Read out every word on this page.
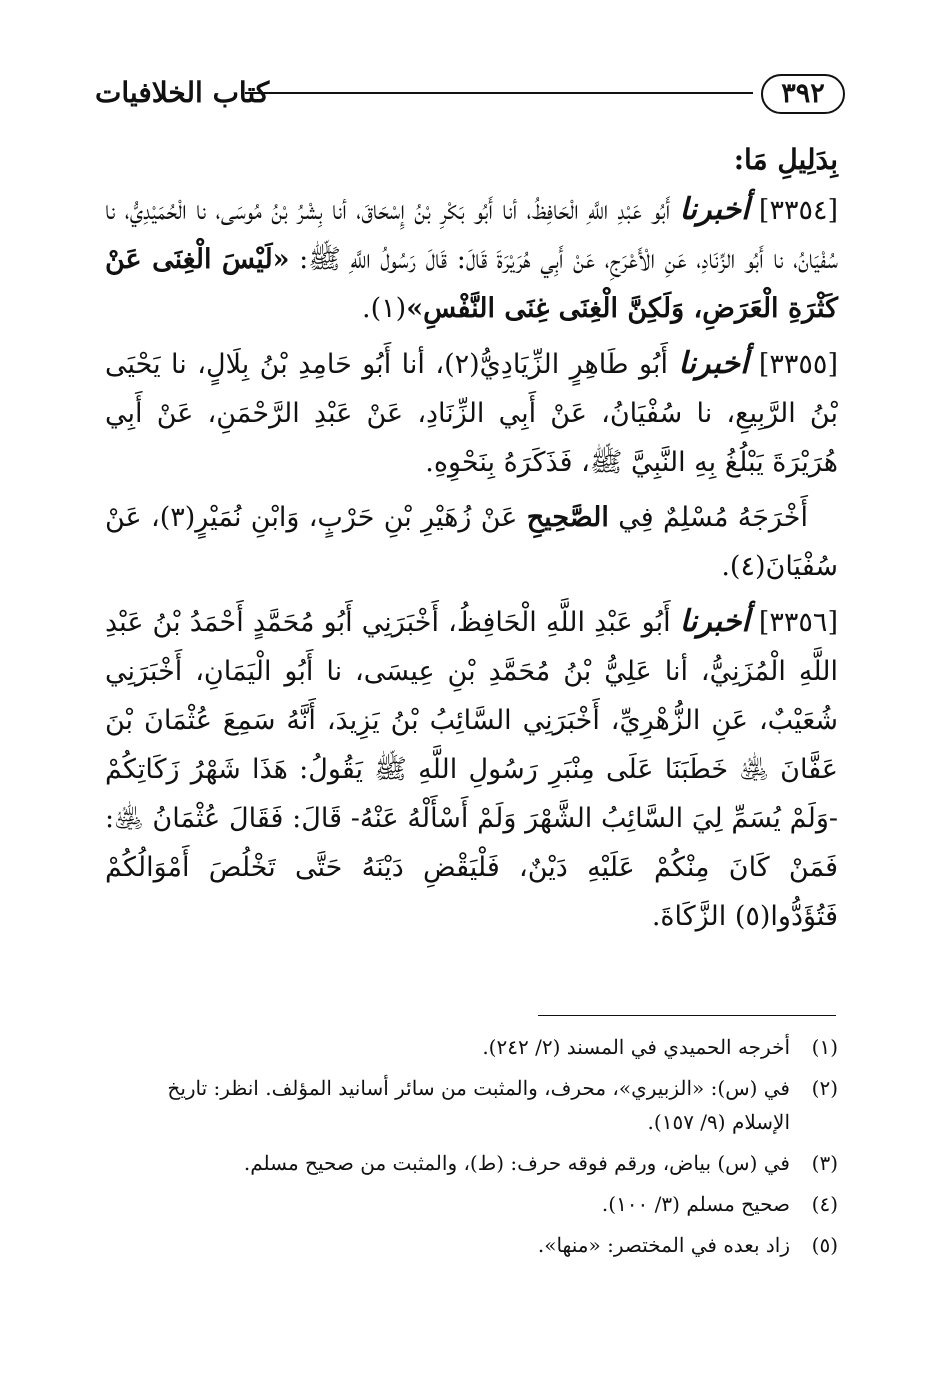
٣٩٢
كتاب الخلافيات

بِدَلِيلِ مَا:

[٣٣٥٤] أخبرنا أَبُو عَبْدِ اللَّهِ الْحَافِظُ، أنا أَبُو بَكْرِ بْنُ إِسْحَاقَ، أنا بِشْرُ بْنُ مُوسَى، نا الْحُمَيْدِيُّ، نا سُفْيَانُ، نا أَبُو الزِّنَادِ، عَنِ الْأَعْرَجِ، عَنْ أَبِي هُرَيْرَةَ قَالَ: قَالَ رَسُولُ اللَّهِ ﷺ: «لَيْسَ الْغِنَى عَنْ كَثْرَةِ الْعَرَضِ، وَلَكِنَّ الْغِنَى غِنَى النَّفْسِ»(١).

[٣٣٥٥] أخبرنا أَبُو طَاهِرٍ الزِّيَادِيُّ(٢)، أنا أَبُو حَامِدِ بْنُ بِلَالٍ، نا يَحْيَى بْنُ الرَّبِيعِ، نا سُفْيَانُ، عَنْ أَبِي الزِّنَادِ، عَنْ عَبْدِ الرَّحْمَنِ، عَنْ أَبِي هُرَيْرَةَ يَبْلُغُ بِهِ النَّبِيَّ ﷺ، فَذَكَرَهُ بِنَحْوِهِ.

أَخْرَجَهُ مُسْلِمٌ فِي الصَّحِيحِ عَنْ زُهَيْرِ بْنِ حَرْبٍ، وَابْنِ نُمَيْرٍ(٣)، عَنْ سُفْيَانَ(٤).

[٣٣٥٦] أخبرنا أَبُو عَبْدِ اللَّهِ الْحَافِظُ، أَخْبَرَنِي أَبُو مُحَمَّدٍ أَحْمَدُ بْنُ عَبْدِ اللَّهِ الْمُزَنِيُّ، أنا عَلِيُّ بْنُ مُحَمَّدِ بْنِ عِيسَى، نا أَبُو الْيَمَانِ، أَخْبَرَنِي شُعَيْبٌ، عَنِ الزُّهْرِيِّ، أَخْبَرَنِي السَّائِبُ بْنُ يَزِيدَ، أَنَّهُ سَمِعَ عُثْمَانَ بْنَ عَفَّانَ ﵁ خَطَبَنَا عَلَى مِنْبَرِ رَسُولِ اللَّهِ ﷺ يَقُولُ: هَذَا شَهْرُ زَكَاتِكُمْ -وَلَمْ يُسَمِّ لِيَ السَّائِبُ الشَّهْرَ وَلَمْ أَسْأَلْهُ عَنْهُ- قَالَ: فَقَالَ عُثْمَانُ ﵁: فَمَنْ كَانَ مِنْكُمْ عَلَيْهِ دَيْنٌ، فَلْيَقْضِ دَيْنَهُ حَتَّى تَخْلُصَ أَمْوَالُكُمْ فَتُؤَدُّوا(٥) الزَّكَاةَ.

(١)
أخرجه الحميدي في المسند (٢/ ٢٤٢).
(٢)
في (س): «الزبيري»، محرف، والمثبت من سائر أسانيد المؤلف. انظر: تاريخ الإسلام (٩/ ١٥٧).
(٣)
في (س) بياض، ورقم فوقه حرف: (ط)، والمثبت من صحيح مسلم.
(٤)
صحيح مسلم (٣/ ١٠٠).
(٥)
زاد بعده في المختصر: «منها».
